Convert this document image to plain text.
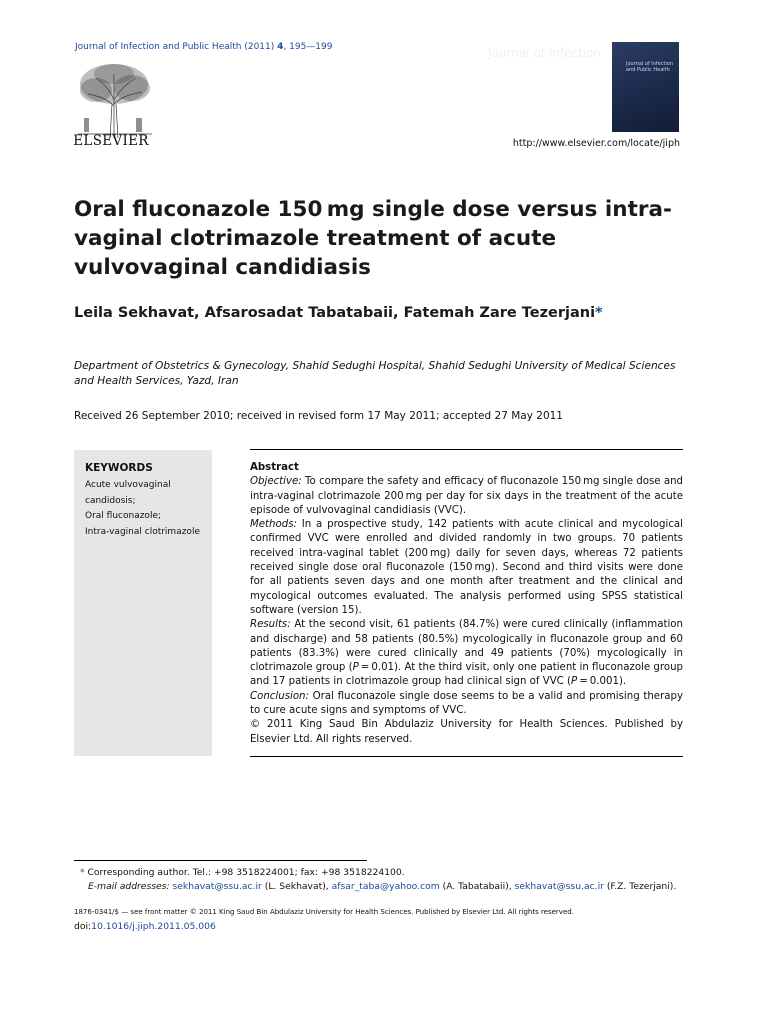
Journal of Infection and Public Health (2011) 4, 195—199
ELSEVIER
Journal of Infection
Journal of Infection and Public Health
http://www.elsevier.com/locate/jiph
Oral fluconazole 150 mg single dose versus intra-vaginal clotrimazole treatment of acute vulvovaginal candidiasis
Leila Sekhavat, Afsarosadat Tabatabaii, Fatemah Zare Tezerjani*
Department of Obstetrics & Gynecology, Shahid Sedughi Hospital, Shahid Sedughi University of Medical Sciences and Health Services, Yazd, Iran
Received 26 September 2010; received in revised form 17 May 2011; accepted 27 May 2011
KEYWORDS
Acute vulvovaginal candidosis;
Oral fluconazole;
Intra-vaginal clotrimazole

Abstract

Objective: To compare the safety and efficacy of fluconazole 150 mg single dose and intra-vaginal clotrimazole 200 mg per day for six days in the treatment of the acute episode of vulvovaginal candidiasis (VVC).

Methods: In a prospective study, 142 patients with acute clinical and mycological confirmed VVC were enrolled and divided randomly in two groups. 70 patients received intra-vaginal tablet (200 mg) daily for seven days, whereas 72 patients received single dose oral fluconazole (150 mg). Second and third visits were done for all patients seven days and one month after treatment and the clinical and mycological outcomes evaluated. The analysis performed using SPSS statistical software (version 15).

Results: At the second visit, 61 patients (84.7%) were cured clinically (inflammation and discharge) and 58 patients (80.5%) mycologically in fluconazole group and 60 patients (83.3%) were cured clinically and 49 patients (70%) mycologically in clotrimazole group (P = 0.01). At the third visit, only one patient in fluconazole group and 17 patients in clotrimazole group had clinical sign of VVC (P = 0.001).

Conclusion: Oral fluconazole single dose seems to be a valid and promising therapy to cure acute signs and symptoms of VVC.

© 2011 King Saud Bin Abdulaziz University for Health Sciences. Published by Elsevier Ltd. All rights reserved.

* Corresponding author. Tel.: +98 3518224001; fax: +98 3518224100.
E-mail addresses: sekhavat@ssu.ac.ir (L. Sekhavat), afsar_taba@yahoo.com (A. Tabatabaii), sekhavat@ssu.ac.ir (F.Z. Tezerjani).
1876-0341/$ — see front matter © 2011 King Saud Bin Abdulaziz University for Health Sciences. Published by Elsevier Ltd. All rights reserved.
doi:10.1016/j.jiph.2011.05.006
